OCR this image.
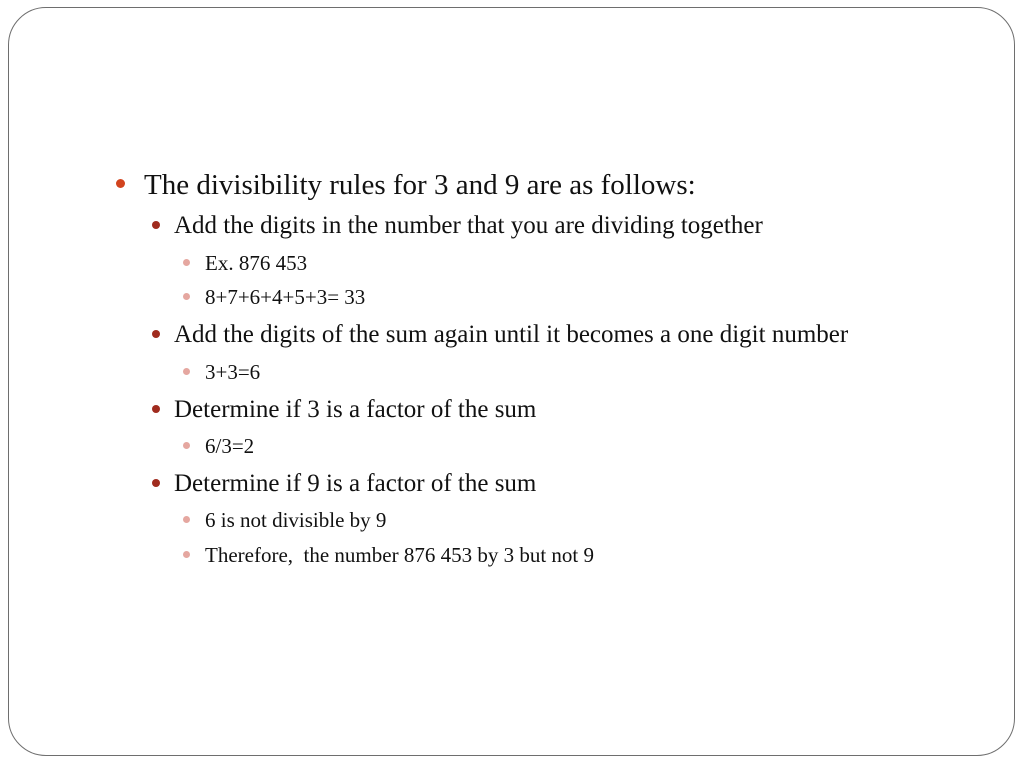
The divisibility rules for 3 and 9 are as follows:
Add the digits in the number that you are dividing together
Ex. 876 453
8+7+6+4+5+3= 33
Add the digits of the sum again until it becomes a one digit number
3+3=6
Determine if 3 is a factor of the sum
6/3=2
Determine if 9 is a factor of the sum
6 is not divisible by 9
Therefore,  the number 876 453 by 3 but not 9
